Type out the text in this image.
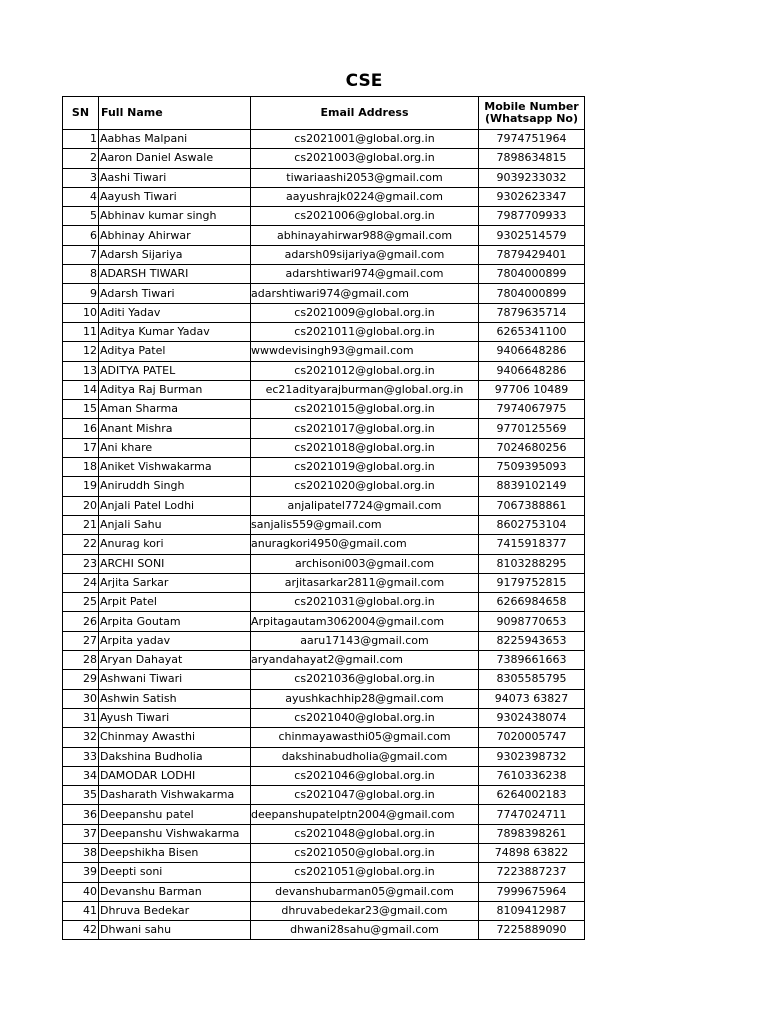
CSE
SN	Full Name	Email Address	Mobile Number
(Whatsapp No)
1	Aabhas Malpani	cs2021001@global.org.in	7974751964
2	Aaron Daniel Aswale	cs2021003@global.org.in	7898634815
3	Aashi Tiwari	tiwariaashi2053@gmail.com	9039233032
4	Aayush Tiwari	aayushrajk0224@gmail.com	9302623347
5	Abhinav kumar singh	cs2021006@global.org.in	7987709933
6	Abhinay Ahirwar	abhinayahirwar988@gmail.com	9302514579
7	Adarsh Sijariya	adarsh09sijariya@gmail.com	7879429401
8	ADARSH TIWARI	adarshtiwari974@gmail.com	7804000899
9	Adarsh Tiwari	adarshtiwari974@gmail.com	7804000899
10	Aditi Yadav	cs2021009@global.org.in	7879635714
11	Aditya Kumar Yadav	cs2021011@global.org.in	6265341100
12	Aditya Patel	wwwdevisingh93@gmail.com	9406648286
13	ADITYA PATEL	cs2021012@global.org.in	9406648286
14	Aditya Raj Burman	ec21adityarajburman@global.org.in	97706 10489
15	Aman Sharma	cs2021015@global.org.in	7974067975
16	Anant Mishra	cs2021017@global.org.in	9770125569
17	Ani khare	cs2021018@global.org.in	7024680256
18	Aniket Vishwakarma	cs2021019@global.org.in	7509395093
19	Aniruddh Singh	cs2021020@global.org.in	8839102149
20	Anjali Patel Lodhi	anjalipatel7724@gmail.com	7067388861
21	Anjali Sahu	sanjalis559@gmail.com	8602753104
22	Anurag kori	anuragkori4950@gmail.com	7415918377
23	ARCHI SONI	archisoni003@gmail.com	8103288295
24	Arjita Sarkar	arjitasarkar2811@gmail.com	9179752815
25	Arpit Patel	cs2021031@global.org.in	6266984658
26	Arpita Goutam	Arpitagautam3062004@gmail.com	9098770653
27	Arpita yadav	aaru17143@gmail.com	8225943653
28	Aryan Dahayat	aryandahayat2@gmail.com	7389661663
29	Ashwani Tiwari	cs2021036@global.org.in	8305585795
30	Ashwin Satish	ayushkachhip28@gmail.com	94073 63827
31	Ayush Tiwari	cs2021040@global.org.in	9302438074
32	Chinmay Awasthi	chinmayawasthi05@gmail.com	7020005747
33	Dakshina Budholia	dakshinabudholia@gmail.com	9302398732
34	DAMODAR LODHI	cs2021046@global.org.in	7610336238
35	Dasharath Vishwakarma	cs2021047@global.org.in	6264002183
36	Deepanshu patel	deepanshupatelptn2004@gmail.com	7747024711
37	Deepanshu Vishwakarma	cs2021048@global.org.in	7898398261
38	Deepshikha Bisen	cs2021050@global.org.in	74898 63822
39	Deepti soni	cs2021051@global.org.in	7223887237
40	Devanshu Barman	devanshubarman05@gmail.com	7999675964
41	Dhruva Bedekar	dhruvabedekar23@gmail.com	8109412987
42	Dhwani sahu	dhwani28sahu@gmail.com	7225889090
